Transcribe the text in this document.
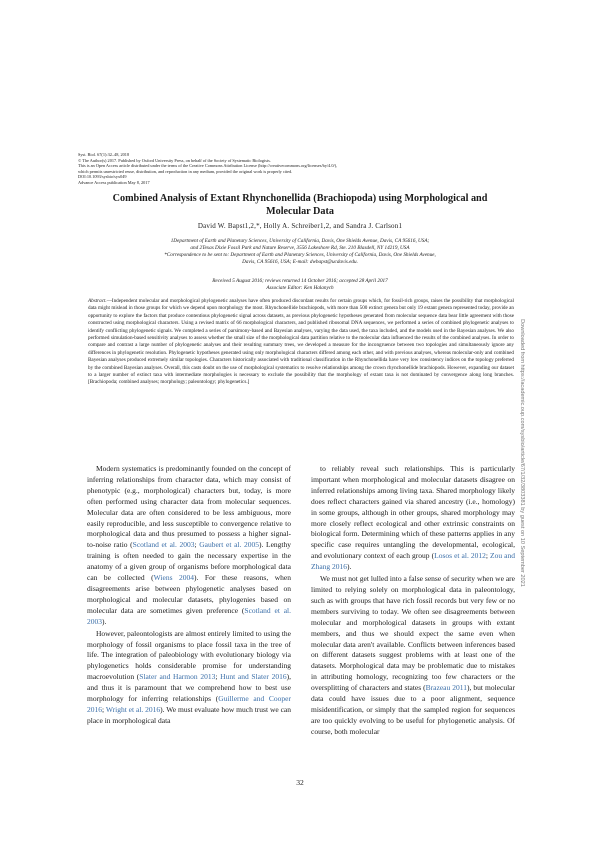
Syst. Biol. 67(1):32–48, 2018
© The Author(s) 2017. Published by Oxford University Press, on behalf of the Society of Systematic Biologists.
This is an Open Access article distributed under the terms of the Creative Commons Attribution License (http://creativecommons.org/licenses/by/4.0/),
which permits unrestricted reuse, distribution, and reproduction in any medium, provided the original work is properly cited.
DOI:10.1093/sysbio/syx049
Advance Access publication May 8, 2017
Combined Analysis of Extant Rhynchonellida (Brachiopoda) using Morphological and Molecular Data
David W. Bapst1,2,*, Holly A. Schreiber1,2, and Sandra J. Carlson1
1Department of Earth and Planetary Sciences, University of California, Davis, One Shields Avenue, Davis, CA 95616, USA;
and 2Texas Dixie Fossil Park and Nature Reserve, 3556 Lakeshore Rd, Ste. 210 Blasdell, NY 14219, USA
*Correspondence to be sent to: Department of Earth and Planetary Sciences, University of California, Davis, One Shields Avenue,
Davis, CA 95616, USA; E-mail: dwbapst@ucdavis.edu.
Received 5 August 2016; reviews returned 14 October 2016; accepted 28 April 2017
Associate Editor: Ken Halanych

Abstract.—Independent molecular and morphological phylogenetic analyses have often produced discordant results for certain groups which, for fossil-rich groups, raises the possibility that morphological data might mislead in those groups for which we depend upon morphology the most. Rhynchonellide brachiopods, with more than 500 extinct genera but only 19 extant genera represented today, provide an opportunity to explore the factors that produce contentious phylogenetic signal across datasets, as previous phylogenetic hypotheses generated from molecular sequence data bear little agreement with those constructed using morphological characters. Using a revised matrix of 66 morphological characters, and published ribosomal DNA sequences, we performed a series of combined phylogenetic analyses to identify conflicting phylogenetic signals. We completed a series of parsimony-based and Bayesian analyses, varying the data used, the taxa included, and the models used in the Bayesian analyses. We also performed simulation-based sensitivity analyses to assess whether the small size of the morphological data partition relative to the molecular data influenced the results of the combined analyses. In order to compare and contrast a large number of phylogenetic analyses and their resulting summary trees, we developed a measure for the incongruence between two topologies and simultaneously ignore any differences in phylogenetic resolution. Phylogenetic hypotheses generated using only morphological characters differed among each other, and with previous analyses, whereas molecular-only and combined Bayesian analyses produced extremely similar topologies. Characters historically associated with traditional classification in the Rhynchonellida have very low consistency indices on the topology preferred by the combined Bayesian analyses. Overall, this casts doubt on the use of morphological systematics to resolve relationships among the crown rhynchonellide brachiopods. However, expanding our dataset to a larger number of extinct taxa with intermediate morphologies is necessary to exclude the possibility that the morphology of extant taxa is not dominated by convergence along long branches. [Brachiopoda; combined analyses; morphology; paleontology; phylogenetics.]

Modern systematics is predominantly founded on the concept of inferring relationships from character data, which may consist of phenotypic (e.g., morphological) characters but, today, is more often performed using character data from molecular sequences. Molecular data are often considered to be less ambiguous, more easily reproducible, and less susceptible to convergence relative to morphological data and thus presumed to possess a higher signal-to-noise ratio (Scotland et al. 2003; Gaubert et al. 2005). Lengthy training is often needed to gain the necessary expertise in the anatomy of a given group of organisms before morphological data can be collected (Wiens 2004). For these reasons, when disagreements arise between phylogenetic analyses based on morphological and molecular datasets, phylogenies based on molecular data are sometimes given preference (Scotland et al. 2003).

However, paleontologists are almost entirely limited to using the morphology of fossil organisms to place fossil taxa in the tree of life. The integration of paleobiology with evolutionary biology via phylogenetics holds considerable promise for understanding macroevolution (Slater and Harmon 2013; Hunt and Slater 2016), and thus it is paramount that we comprehend how to best use morphology for inferring relationships (Guillerme and Cooper 2016; Wright et al. 2016). We must evaluate how much trust we can place in morphological data

to reliably reveal such relationships. This is particularly important when morphological and molecular datasets disagree on inferred relationships among living taxa. Shared morphology likely does reflect characters gained via shared ancestry (i.e., homology) in some groups, although in other groups, shared morphology may more closely reflect ecological and other extrinsic constraints on biological form. Determining which of these patterns applies in any specific case requires untangling the developmental, ecological, and evolutionary context of each group (Losos et al. 2012; Zou and Zhang 2016).

We must not get lulled into a false sense of security when we are limited to relying solely on morphological data in paleontology, such as with groups that have rich fossil records but very few or no members surviving to today. We often see disagreements between molecular and morphological datasets in groups with extant members, and thus we should expect the same even when molecular data aren't available. Conflicts between inferences based on different datasets suggest problems with at least one of the datasets. Morphological data may be problematic due to mistakes in attributing homology, recognizing too few characters or the oversplitting of characters and states (Brazeau 2011), but molecular data could have issues due to a poor alignment, sequence misidentification, or simply that the sampled region for sequences are too quickly evolving to be useful for phylogenetic analysis. Of course, both molecular

32
Downloaded from https://academic.oup.com/sysbio/article/67/1/32/3803381 by guest on 10 September 2021
